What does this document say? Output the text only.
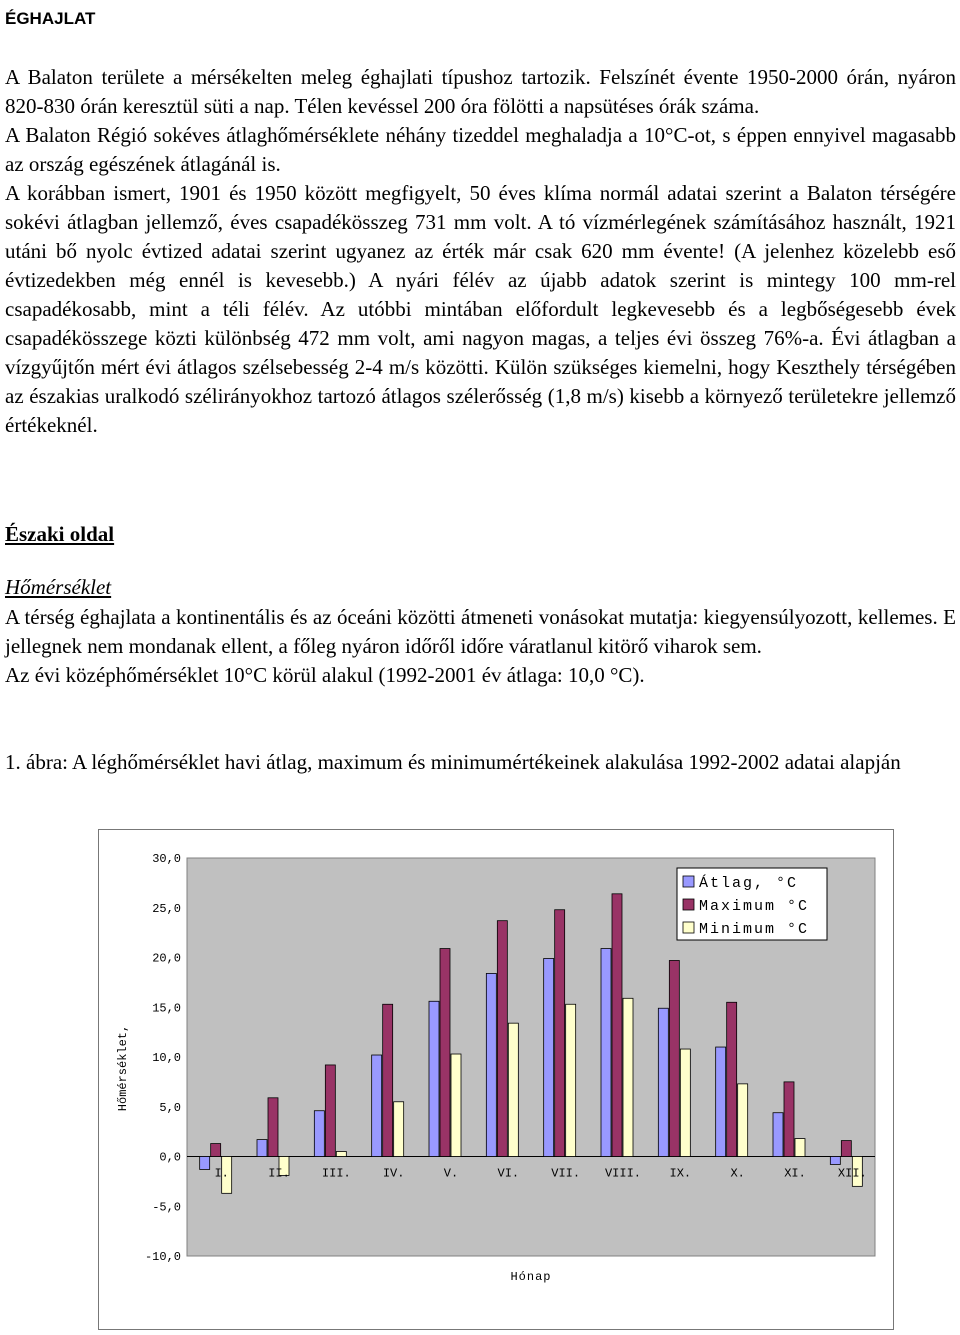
ÉGHAJLAT

A Balaton területe a mérsékelten meleg éghajlati típushoz tartozik. Felszínét évente 1950-2000 órán, nyáron 820-830 órán keresztül süti a nap. Télen kevéssel 200 óra fölötti a napsütéses órák száma.

A Balaton Régió sokéves átlaghőmérséklete néhány tizeddel meghaladja a 10°C-ot, s éppen ennyivel magasabb az ország egészének átlagánál is.

A korábban ismert, 1901 és 1950 között megfigyelt, 50 éves klíma normál adatai szerint a Balaton térségére sokévi átlagban jellemző, éves csapadékösszeg 731 mm volt. A tó vízmérlegének számításához használt, 1921 utáni bő nyolc évtized adatai szerint ugyanez az érték már csak 620 mm évente! (A jelenhez közelebb eső évtizedekben még ennél is kevesebb.) A nyári félév az újabb adatok szerint is mintegy 100 mm-rel csapadékosabb, mint a téli félév. Az utóbbi mintában előfordult legkevesebb és a legbőségesebb évek csapadékösszege közti különbség 472 mm volt, ami nagyon magas, a teljes évi összeg 76%-a. Évi átlagban a vízgyűjtőn mért évi átlagos szélsebesség 2-4 m/s közötti. Külön szükséges kiemelni, hogy Keszthely térségében az északias uralkodó szélirányokhoz tartozó átlagos szélerősség (1,8 m/s) kisebb a környező területekre jellemző értékeknél.

Északi oldal
Hőmérséklet

A térség éghajlata a kontinentális és az óceáni közötti átmeneti vonásokat mutatja: kiegyensúlyozott, kellemes. E jellegnek nem mondanak ellent, a főleg nyáron időről időre váratlanul kitörő viharok sem.

Az évi középhőmérséklet 10°C körül alakul (1992-2001 év átlaga: 10,0 °C).

1. ábra: A léghőmérséklet havi átlag, maximum és minimumértékeinek alakulása 1992-2002 adatai alapján
30,0
25,0
20,0
15,0
10,0
5,0
0,0
-5,0
-10,0
I.	II.	III.	IV.	V.	VI.	VII. VIII. IX.	X.	XI.	XII.
Átlag, °C
Maximum °C
Minimum °C
Hőmérséklet,
Hónap
